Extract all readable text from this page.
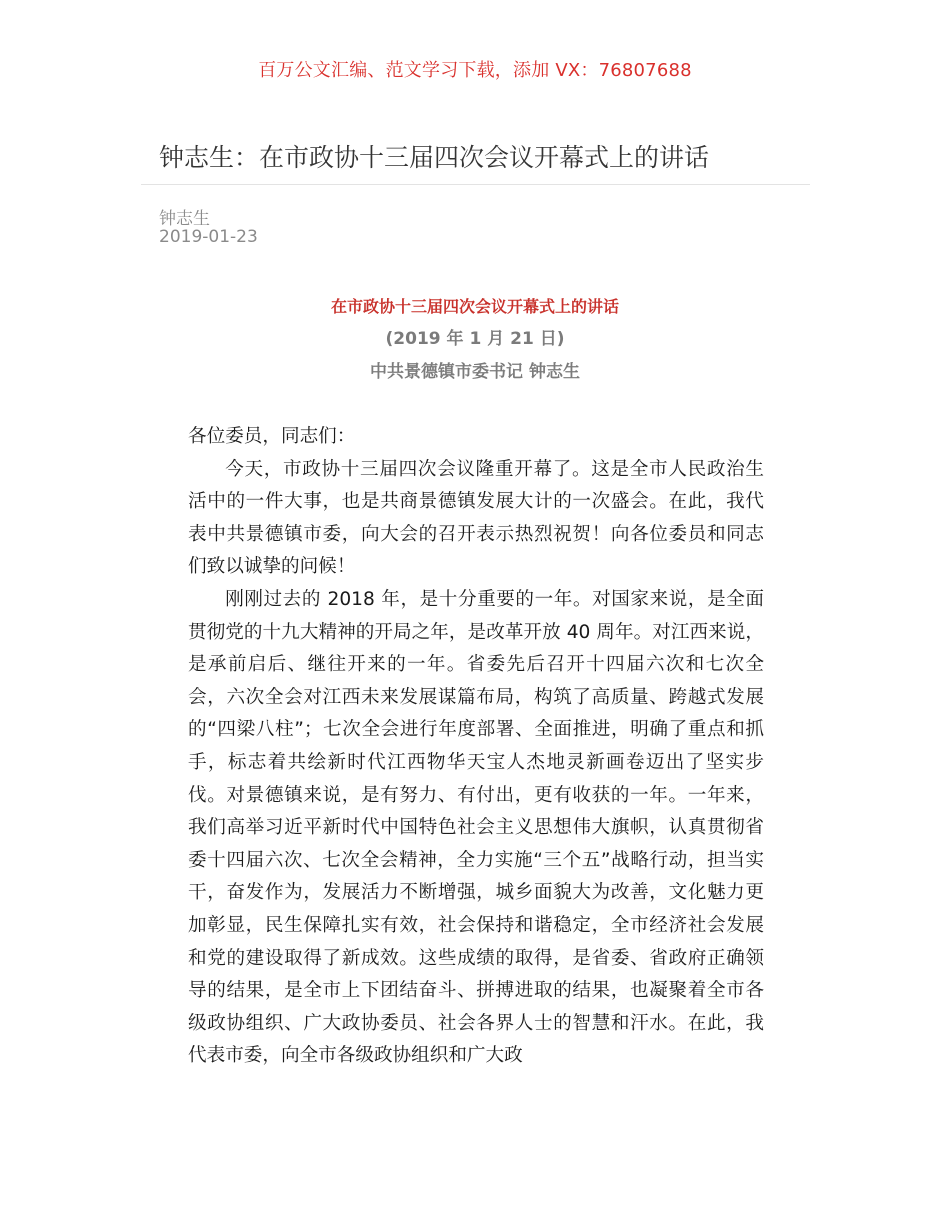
百万公文汇编、范文学习下载，添加 VX：76807688
钟志生：在市政协十三届四次会议开幕式上的讲话
钟志生
2019-01-23
在市政协十三届四次会议开幕式上的讲话
(2019 年 1 月 21 日)
中共景德镇市委书记 钟志生

各位委员，同志们：

今天，市政协十三届四次会议隆重开幕了。这是全市人民政治生活中的一件大事，也是共商景德镇发展大计的一次盛会。在此，我代表中共景德镇市委，向大会的召开表示热烈祝贺！向各位委员和同志们致以诚挚的问候！

刚刚过去的 2018 年，是十分重要的一年。对国家来说，是全面贯彻党的十九大精神的开局之年，是改革开放 40 周年。对江西来说，是承前启后、继往开来的一年。省委先后召开十四届六次和七次全会，六次全会对江西未来发展谋篇布局，构筑了高质量、跨越式发展的“四梁八柱”；七次全会进行年度部署、全面推进，明确了重点和抓手，标志着共绘新时代江西物华天宝人杰地灵新画卷迈出了坚实步伐。对景德镇来说，是有努力、有付出，更有收获的一年。一年来，我们高举习近平新时代中国特色社会主义思想伟大旗帜，认真贯彻省委十四届六次、七次全会精神，全力实施“三个五”战略行动，担当实干，奋发作为，发展活力不断增强，城乡面貌大为改善，文化魅力更加彰显，民生保障扎实有效，社会保持和谐稳定，全市经济社会发展和党的建设取得了新成效。这些成绩的取得，是省委、省政府正确领导的结果，是全市上下团结奋斗、拼搏进取的结果，也凝聚着全市各级政协组织、广大政协委员、社会各界人士的智慧和汗水。在此，我代表市委，向全市各级政协组织和广大政
